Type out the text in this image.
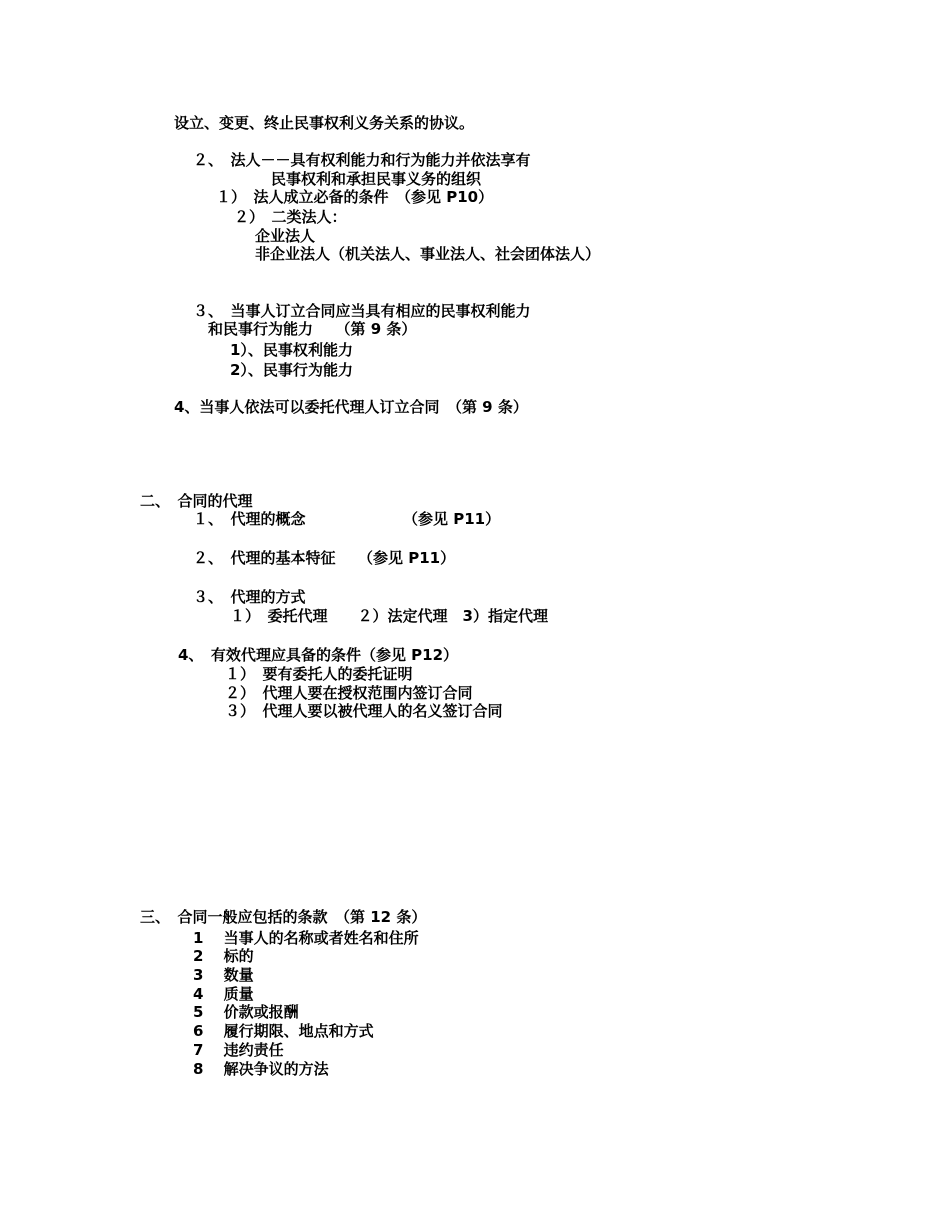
设立、变更、终止民事权利义务关系的协议。
２、　法人－－具有权利能力和行为能力并依法享有
民事权利和承担民事义务的组织
１）　法人成立必备的条件　（参见 P10）
２）　二类法人：
企业法人
非企业法人（机关法人、事业法人、社会团体法人）
３、　当事人订立合同应当具有相应的民事权利能力
和民事行为能力　　（第 9 条）
1）、民事权利能力
2）、民事行为能力
4、当事人依法可以委托代理人订立合同　（第 9 条）
二、　合同的代理
１、　代理的概念　　　　　　　（参见 P11）
２、　代理的基本特征　　（参见 P11）
３、　代理的方式
１）　委托代理　　２）法定代理　3）指定代理
4、　有效代理应具备的条件（参见 P12）
１）　要有委托人的委托证明
２）　代理人要在授权范围内签订合同
３）　代理人要以被代理人的名义签订合同
三、　合同一般应包括的条款　（第 12 条）
1　 当事人的名称或者姓名和住所
2　 标的
3　 数量
4　 质量
5　 价款或报酬
6　 履行期限、地点和方式
7　 违约责任
8　 解决争议的方法
